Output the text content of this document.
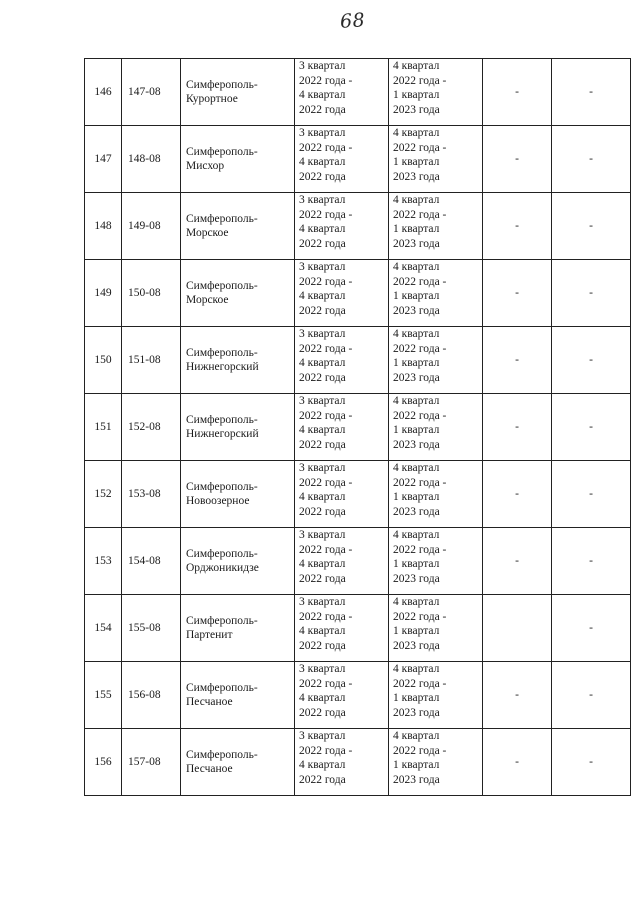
68
146	147-08	Симферополь-
Курортное	3 квартал
2022 года -
4 квартал
2022 года	4 квартал
2022 года -
1 квартал
2023 года	-	-
147	148-08	Симферополь-
Мисхор	3 квартал
2022 года -
4 квартал
2022 года	4 квартал
2022 года -
1 квартал
2023 года	-	-
148	149-08	Симферополь-
Морское	3 квартал
2022 года -
4 квартал
2022 года	4 квартал
2022 года -
1 квартал
2023 года	-	-
149	150-08	Симферополь-
Морское	3 квартал
2022 года -
4 квартал
2022 года	4 квартал
2022 года -
1 квартал
2023 года	-	-
150	151-08	Симферополь-
Нижнегорский	3 квартал
2022 года -
4 квартал
2022 года	4 квартал
2022 года -
1 квартал
2023 года	-	-
151	152-08	Симферополь-
Нижнегорский	3 квартал
2022 года -
4 квартал
2022 года	4 квартал
2022 года -
1 квартал
2023 года	-	-
152	153-08	Симферополь-
Новоозерное	3 квартал
2022 года -
4 квартал
2022 года	4 квартал
2022 года -
1 квартал
2023 года	-	-
153	154-08	Симферополь-
Орджоникидзе	3 квартал
2022 года -
4 квартал
2022 года	4 квартал
2022 года -
1 квартал
2023 года	-	-
154	155-08	Симферополь-
Партенит	3 квартал
2022 года -
4 квартал
2022 года	4 квартал
2022 года -
1 квартал
2023 года		-
155	156-08	Симферополь-
Песчаное	3 квартал
2022 года -
4 квартал
2022 года	4 квартал
2022 года -
1 квартал
2023 года	-	-
156	157-08	Симферополь-
Песчаное	3 квартал
2022 года -
4 квартал
2022 года	4 квартал
2022 года -
1 квартал
2023 года	-	-
